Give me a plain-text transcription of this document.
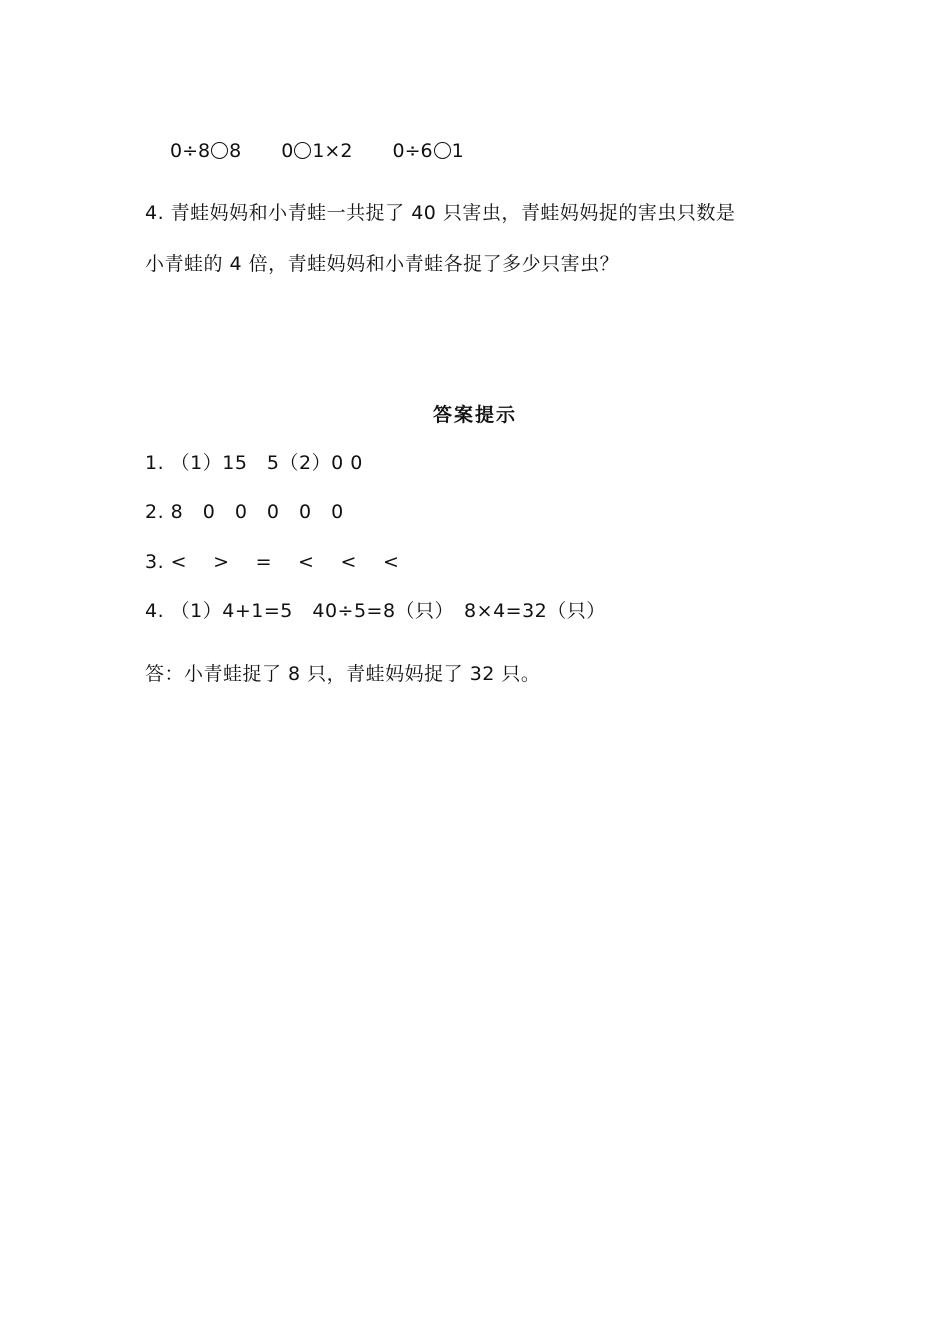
0÷8 8 0 1×2 0÷6 1
4. 青蛙妈妈和小青蛙一共捉了 40 只害虫，青蛙妈妈捉的害虫只数是
小青蛙的 4 倍，青蛙妈妈和小青蛙各捉了多少只害虫？
答案提示
1. （1）15　5（2）0 0
2. 8　0　0　0　0　0
3. <　 >　 =　 <　 <　 <
4. （1）4+1=5　40÷5=8（只）　8×4=32（只）
答：小青蛙捉了 8 只，青蛙妈妈捉了 32 只。
